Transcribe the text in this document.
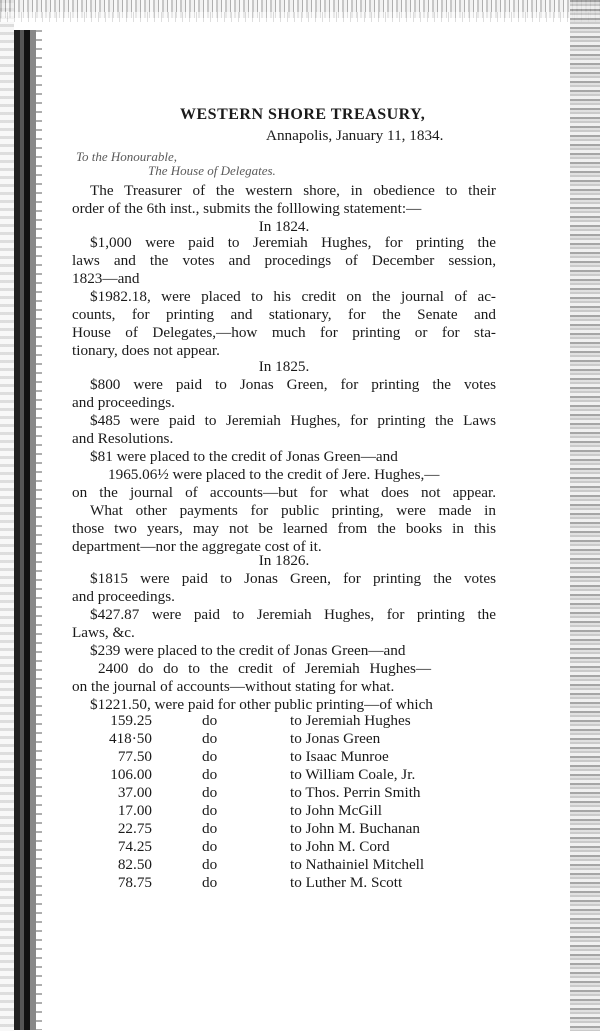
WESTERN SHORE TREASURY,
Annapolis, January 11, 1834.
To the Honourable,
The House of Delegates.
The Treasurer of the western shore, in obedience to their
order of the 6th inst., submits the folllowing statement:—
In 1824.
$1,000 were paid to Jeremiah Hughes, for printing the
laws and the votes and procedings of December session,
1823—and
$1982.18, were placed to his credit on the journal of ac-
counts, for printing and stationary, for the Senate and
House of Delegates,—how much for printing or for sta-
tionary, does not appear.
In 1825.
$800 were paid to Jonas Green, for printing the votes
and proceedings.
$485 were paid to Jeremiah Hughes, for printing the Laws
and Resolutions.
$81 were placed to the credit of Jonas Green—and
1965.06½ were placed to the credit of Jere. Hughes,—
on the journal of accounts—but for what does not appear.
What other payments for public printing, were made in
those two years, may not be learned from the books in this
department—nor the aggregate cost of it.
In 1826.
$1815 were paid to Jonas Green, for printing the votes
and proceedings.
$427.87 were paid to Jeremiah Hughes, for printing the
Laws, &c.
$239 were placed to the credit of Jonas Green—and
2400 do do to the credit of Jeremiah Hughes—
on the journal of accounts—without stating for what.
$1221.50, were paid for other public printing—of which
159.25	do	to Jeremiah Hughes
418·50	do	to Jonas Green
77.50	do	to Isaac Munroe
106.00	do	to William Coale, Jr.
37.00	do	to Thos. Perrin Smith
17.00	do	to John McGill
22.75	do	to John M. Buchanan
74.25	do	to John M. Cord
82.50	do	to Nathainiel Mitchell
78.75	do	to Luther M. Scott
